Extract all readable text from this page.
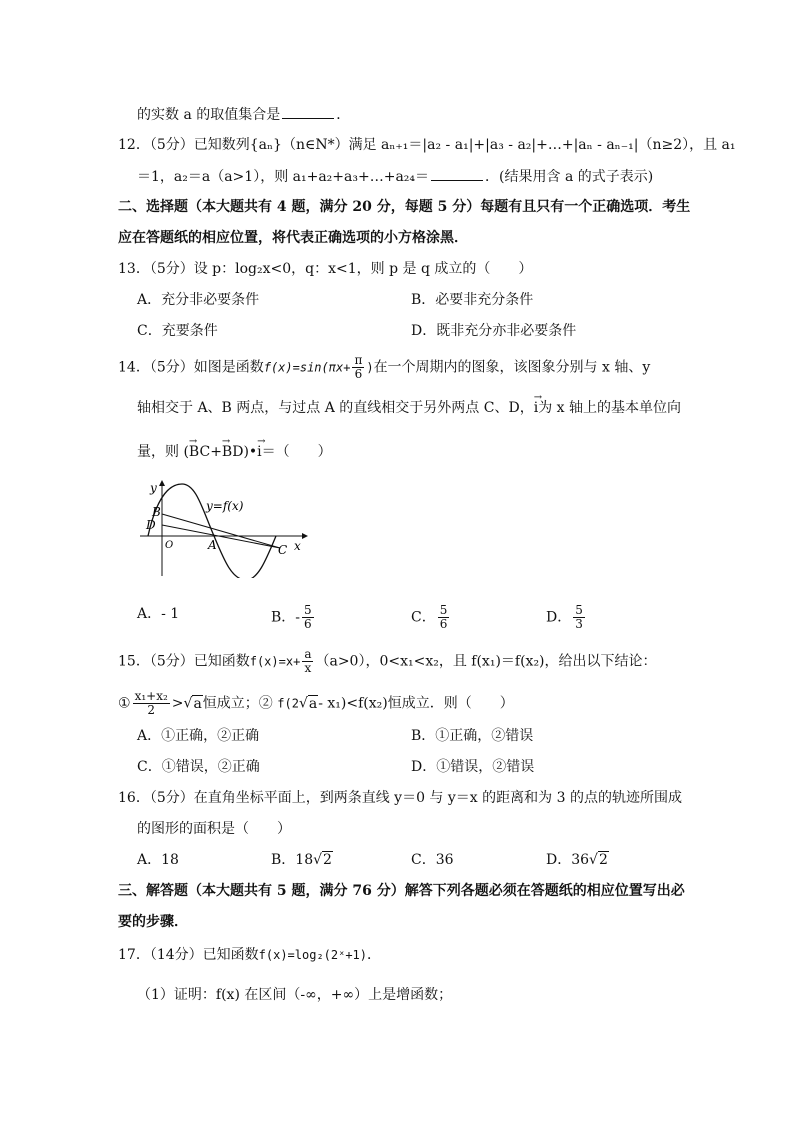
的实数 a 的取值集合是	．
12．（5分）已知数列{aₙ}（n∈N*）满足 aₙ₊₁＝|a₂ - a₁|+|a₃ - a₂|+…+|aₙ - aₙ₋₁|（n≥2），且 a₁
＝1，a₂＝a（a>1），则 a₁+a₂+a₃+…+a₂₄＝	．(结果用含 a 的式子表示)
二、选择题（本大题共有 4 题，满分 20 分，每题 5 分）每题有且只有一个正确选项．考生
应在答题纸的相应位置，将代表正确选项的小方格涂黑．
13．（5分）设 p：log₂x<0，q：x<1，则 p 是 q 成立的（　　）
A．充分非必要条件	B．必要非充分条件
C．充要条件	D．既非充分亦非必要条件
14．（5分）如图是函数$f(x)=\sin(\pi x+ \frac{\pi}{6}$ )在一个周期内的图象，该图象分别与 x 轴、y
轴相交于 A、B 两点，与过点 A 的直线相交于另外两点 C、D，→ i为 x 轴上的基本单位向
量，则 (→ BC+→ BD)•→ i＝（　　）
y
x
y=f(x)
B
D
O	A	C
A．- 1	B．- $\frac{5}{6}$	C． $\frac{5}{6}$	D． $\frac{5}{3}$
15．（5分）已知函数$f(x)=x+ \frac{a}{x} (a>0)$，0<x₁<x₂，且 f(x₁)＝f(x₂)，给出以下结论：
① $\frac{\text{x₁+x₂}}{2} >√a$恒成立；② f(2√a- x₁)<f(x₂)恒成立．则（　　）
A．①正确，②正确	B．①正确，②错误
C．①错误，②正确	D．①错误，②错误
16．（5分）在直角坐标平面上，到两条直线 y＝0 与 y＝x 的距离和为 3 的点的轨迹所围成
的图形的面积是（　　）
A．18	B．18√2	C．36	D．36√2
三、解答题（本大题共有 5 题，满分 76 分）解答下列各题必须在答题纸的相应位置写出必
要的步骤．
17．（14分）已知函数f(x)=log₂(2ˣ+1)．
（1）证明：f(x) 在区间（-∞，+∞）上是增函数；
